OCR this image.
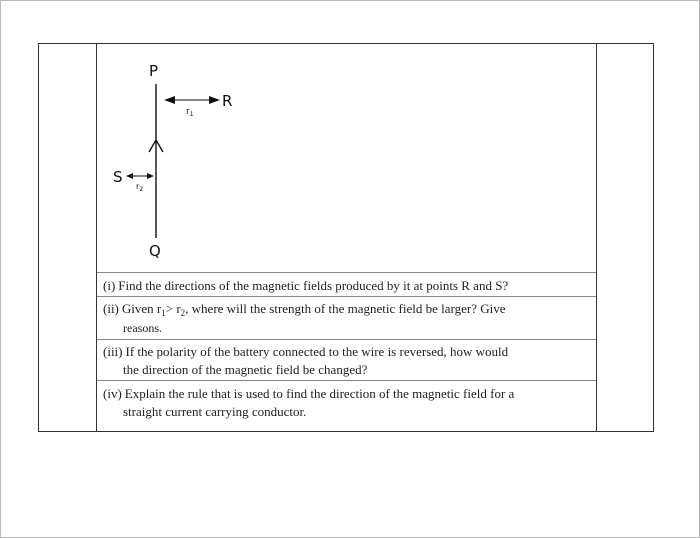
P
R
S
Q
$r_1$
$r_2$
(i) Find the directions of the magnetic fields produced by it at points R and S?
(ii) Given $r_1> r_2$, where will the strength of the magnetic field be larger? Give
reasons.
(iii) If the polarity of the battery connected to the wire is reversed, how would
the direction of the magnetic field be changed?
(iv) Explain the rule that is used to find the direction of the magnetic field for a
straight current carrying conductor.
